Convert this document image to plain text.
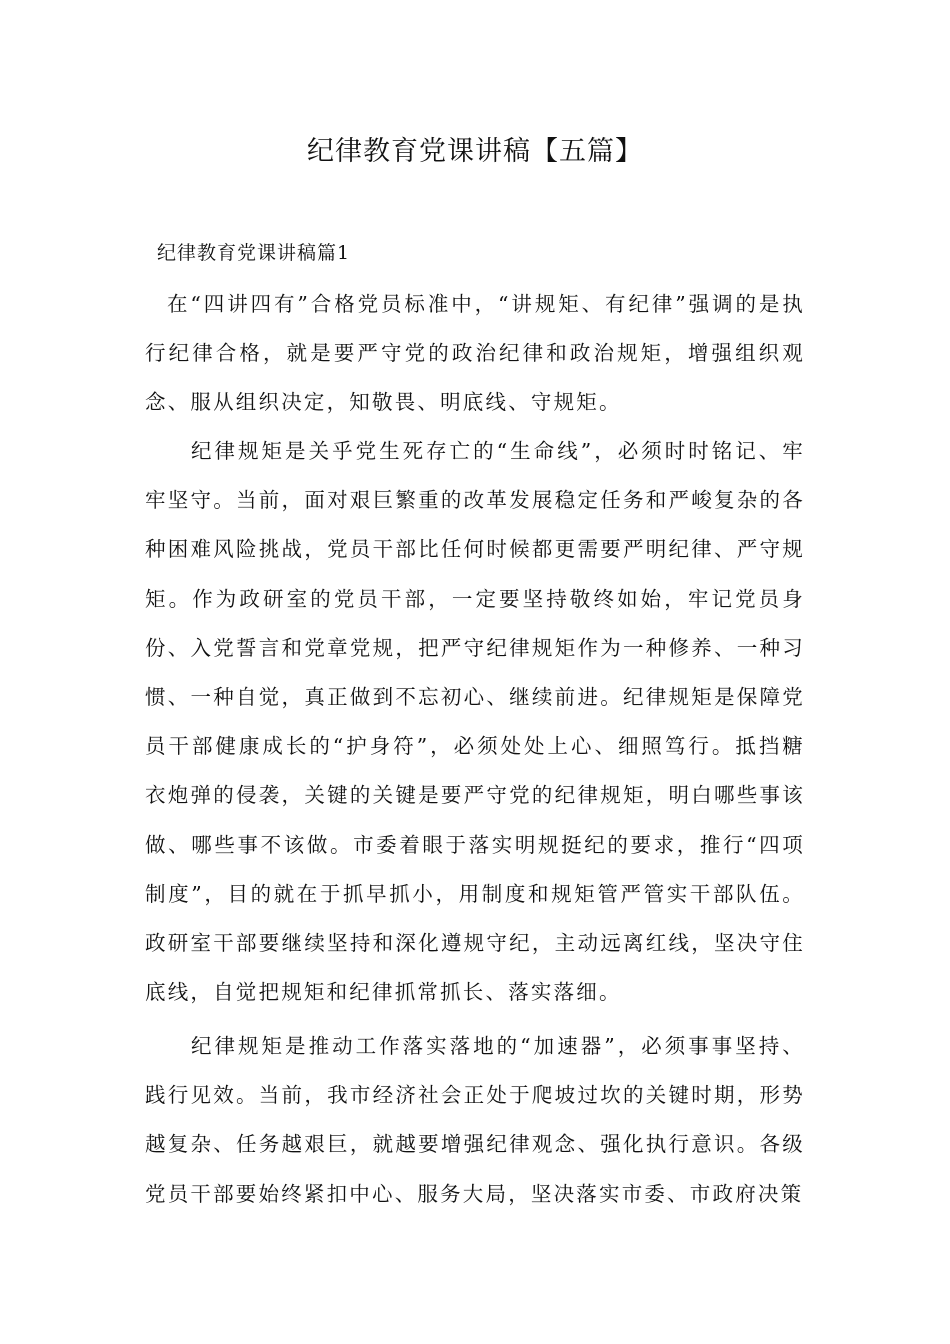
纪律教育党课讲稿【五篇】

纪律教育党课讲稿篇1

在“四讲四有”合格党员标准中，“讲规矩、有纪律”强调的是执行纪律合格，就是要严守党的政治纪律和政治规矩，增强组织观念、服从组织决定，知敬畏、明底线、守规矩。

纪律规矩是关乎党生死存亡的“生命线”，必须时时铭记、牢牢坚守。当前，面对艰巨繁重的改革发展稳定任务和严峻复杂的各种困难风险挑战，党员干部比任何时候都更需要严明纪律、严守规矩。作为政研室的党员干部，一定要坚持敬终如始，牢记党员身份、入党誓言和党章党规，把严守纪律规矩作为一种修养、一种习惯、一种自觉，真正做到不忘初心、继续前进。纪律规矩是保障党员干部健康成长的“护身符”，必须处处上心、细照笃行。抵挡糖衣炮弹的侵袭，关键的关键是要严守党的纪律规矩，明白哪些事该做、哪些事不该做。市委着眼于落实明规挺纪的要求，推行“四项制度”，目的就在于抓早抓小，用制度和规矩管严管实干部队伍。政研室干部要继续坚持和深化遵规守纪，主动远离红线，坚决守住底线，自觉把规矩和纪律抓常抓长、落实落细。

纪律规矩是推动工作落实落地的“加速器”，必须事事坚持、践行见效。当前，我市经济社会正处于爬坡过坎的关键时期，形势越复杂、任务越艰巨，就越要增强纪律观念、强化执行意识。各级党员干部要始终紧扣中心、服务大局，坚决落实市委、市政府决策
